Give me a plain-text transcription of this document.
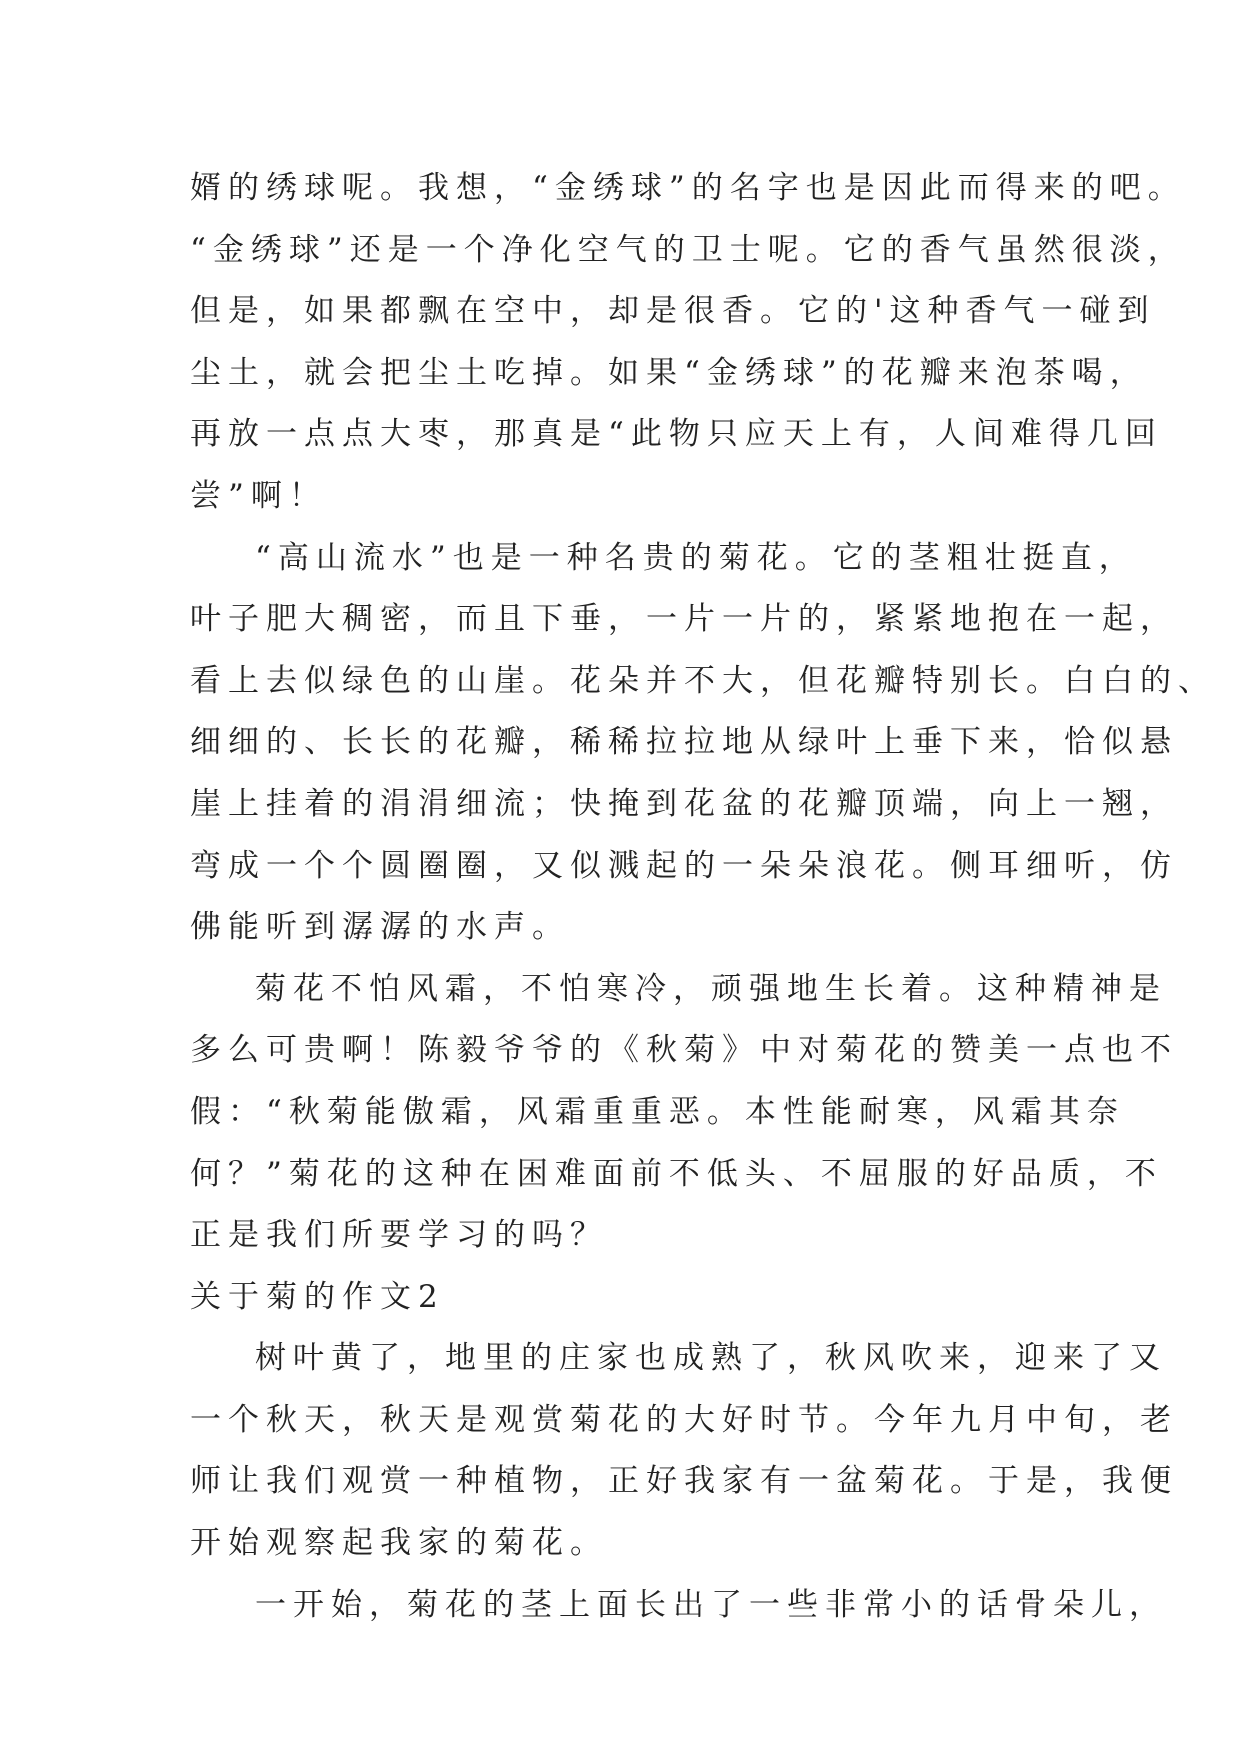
婿的绣球呢。我想，“金绣球”的名字也是因此而得来的吧。
“金绣球”还是一个净化空气的卫士呢。它的香气虽然很淡，
但是，如果都飘在空中，却是很香。它的'这种香气一碰到
尘土，就会把尘土吃掉。如果“金绣球”的花瓣来泡茶喝，
再放一点点大枣，那真是“此物只应天上有，人间难得几回
尝”啊！
“高山流水”也是一种名贵的菊花。它的茎粗壮挺直，
叶子肥大稠密，而且下垂，一片一片的，紧紧地抱在一起，
看上去似绿色的山崖。花朵并不大，但花瓣特别长。白白的、
细细的、长长的花瓣，稀稀拉拉地从绿叶上垂下来，恰似悬
崖上挂着的涓涓细流；快掩到花盆的花瓣顶端，向上一翘，
弯成一个个圆圈圈，又似溅起的一朵朵浪花。侧耳细听，仿
佛能听到潺潺的水声。
菊花不怕风霜，不怕寒冷，顽强地生长着。这种精神是
多么可贵啊！陈毅爷爷的《秋菊》中对菊花的赞美一点也不
假：“秋菊能傲霜，风霜重重恶。本性能耐寒，风霜其奈
何？”菊花的这种在困难面前不低头、不屈服的好品质，不
正是我们所要学习的吗？
关于菊的作文2
树叶黄了，地里的庄家也成熟了，秋风吹来，迎来了又
一个秋天，秋天是观赏菊花的大好时节。今年九月中旬，老
师让我们观赏一种植物，正好我家有一盆菊花。于是，我便
开始观察起我家的菊花。
一开始，菊花的茎上面长出了一些非常小的话骨朵儿，
